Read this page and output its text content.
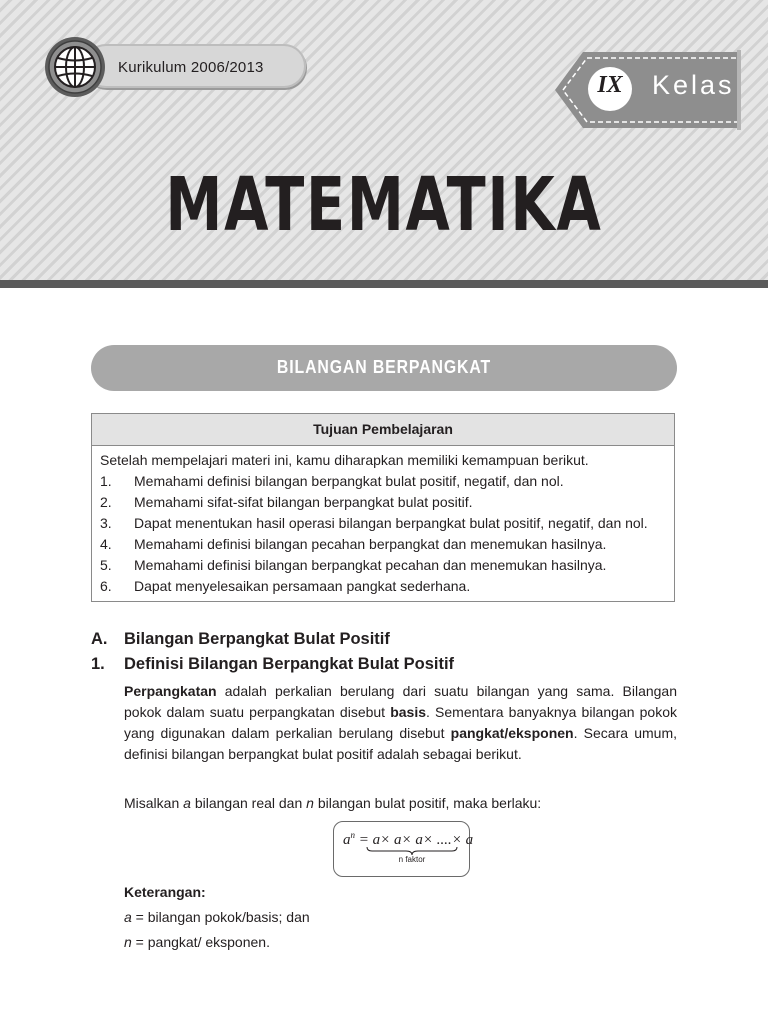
Kurikulum 2006/2013
IX	Kelas
MATEMATIKA
BILANGAN BERPANGKAT
Tujuan Pembelajaran
Setelah mempelajari materi ini, kamu diharapkan memiliki kemampuan berikut.
1.	Memahami definisi bilangan berpangkat bulat positif, negatif, dan nol.
2.	Memahami sifat-sifat bilangan berpangkat bulat positif.
3.	Dapat menentukan hasil operasi bilangan berpangkat bulat positif, negatif, dan nol.
4.	Memahami definisi bilangan pecahan berpangkat dan menemukan hasilnya.
5.	Memahami definisi bilangan berpangkat pecahan dan menemukan hasilnya.
6.	Dapat menyelesaikan persamaan pangkat sederhana.
A.	Bilangan Berpangkat Bulat Positif
1.	Definisi Bilangan Berpangkat Bulat Positif
Perpangkatan adalah perkalian berulang dari suatu bilangan yang sama. Bilangan pokok dalam suatu perpangkatan disebut basis. Sementara banyaknya bilangan pokok yang digunakan dalam perkalian berulang disebut pangkat/eksponen. Secara umum, definisi bilangan berpangkat bulat positif adalah sebagai berikut.
Misalkan a bilangan real dan n bilangan bulat positif, maka berlaku:
$a^n = a\times a\times a\times$ ....× a
n faktor
Keterangan:
a = bilangan pokok/basis; dan
n = pangkat/ eksponen.
